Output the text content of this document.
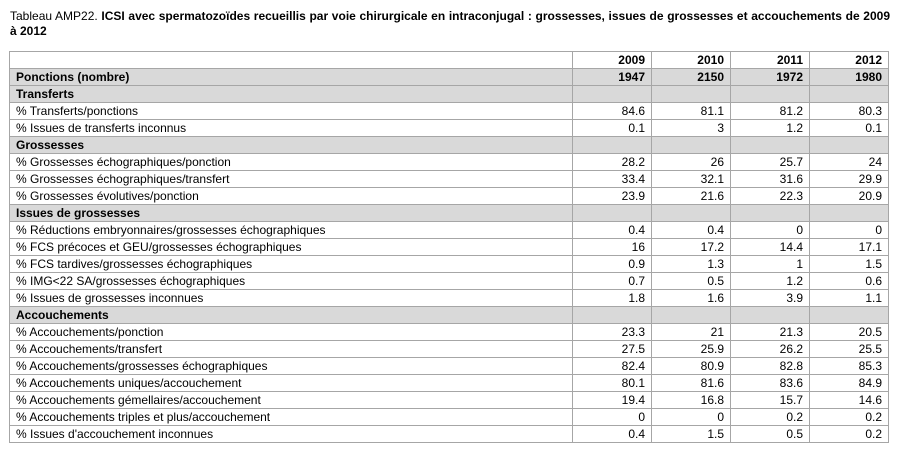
Tableau AMP22. ICSI avec spermatozoïdes recueillis par voie chirurgicale en intraconjugal : grossesses, issues de grossesses et accouchements de 2009 à 2012
	2009	2010	2011	2012
Ponctions (nombre)	1947	2150	1972	1980
Transferts				
% Transferts/ponctions	84.6	81.1	81.2	80.3
% Issues de transferts inconnus	0.1	3	1.2	0.1
Grossesses				
% Grossesses échographiques/ponction	28.2	26	25.7	24
% Grossesses échographiques/transfert	33.4	32.1	31.6	29.9
% Grossesses évolutives/ponction	23.9	21.6	22.3	20.9
Issues de grossesses				
% Réductions embryonnaires/grossesses échographiques	0.4	0.4	0	0
% FCS précoces et GEU/grossesses échographiques	16	17.2	14.4	17.1
% FCS tardives/grossesses échographiques	0.9	1.3	1	1.5
% IMG<22 SA/grossesses échographiques	0.7	0.5	1.2	0.6
% Issues de grossesses inconnues	1.8	1.6	3.9	1.1
Accouchements				
% Accouchements/ponction	23.3	21	21.3	20.5
% Accouchements/transfert	27.5	25.9	26.2	25.5
% Accouchements/grossesses échographiques	82.4	80.9	82.8	85.3
% Accouchements uniques/accouchement	80.1	81.6	83.6	84.9
% Accouchements gémellaires/accouchement	19.4	16.8	15.7	14.6
% Accouchements triples et plus/accouchement	0	0	0.2	0.2
% Issues d'accouchement inconnues	0.4	1.5	0.5	0.2
